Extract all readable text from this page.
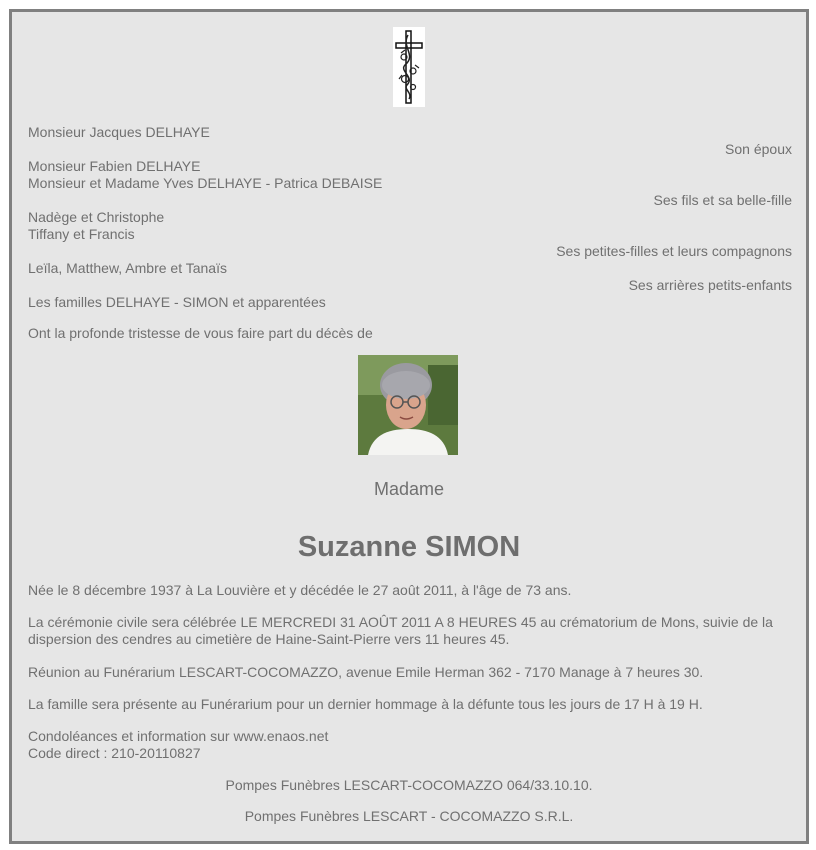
Monsieur Jacques DELHAYE
Son époux
Monsieur Fabien DELHAYE
Monsieur et Madame Yves DELHAYE - Patrica DEBAISE
Ses fils et sa belle-fille
Nadège et Christophe
Tiffany et Francis
Ses petites-filles et leurs compagnons
Leïla, Matthew, Ambre et Tanaïs
Ses arrières petits-enfants
Les familles DELHAYE - SIMON et apparentées
Ont la profonde tristesse de vous faire part du décès de
Madame
Suzanne SIMON
Née le 8 décembre 1937 à La Louvière et y décédée le 27 août 2011, à l'âge de 73 ans.
La cérémonie civile sera célébrée LE MERCREDI 31 AOÛT 2011 A 8 HEURES 45 au crématorium de Mons, suivie de la dispersion des cendres au cimetière de Haine-Saint-Pierre vers 11 heures 45.
Réunion au Funérarium LESCART-COCOMAZZO, avenue Emile Herman 362 - 7170 Manage à 7 heures 30.
La famille sera présente au Funérarium pour un dernier hommage à la défunte tous les jours de 17 H à 19 H.
Condoléances et information sur www.enaos.net
Code direct : 210-20110827
Pompes Funèbres LESCART-COCOMAZZO 064/33.10.10.
Pompes Funèbres LESCART - COCOMAZZO S.R.L.
